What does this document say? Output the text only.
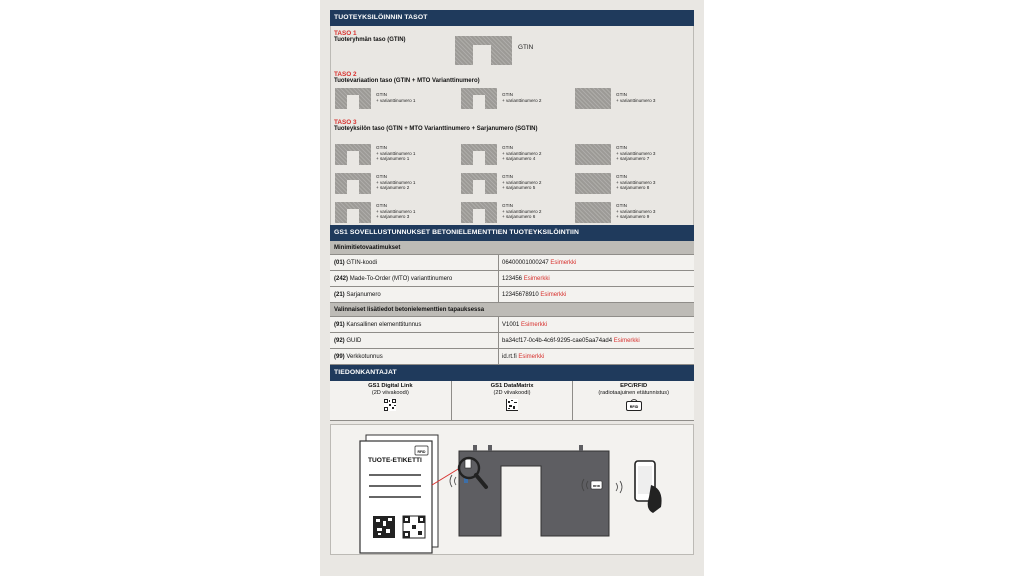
TUOTEYKSILÖINNIN TASOT
TASO 1
Tuoteryhmän taso (GTIN)
GTIN
TASO 2
Tuotevariaation taso (GTIN + MTO Varianttinumero)
GTIN
+ varianttinumero 1
GTIN
+ varianttinumero 2
GTIN
+ varianttinumero 3
TASO 3
Tuoteyksilön taso (GTIN + MTO Varianttinumero + Sarjanumero (SGTIN)
GTIN
+ varianttinumero 1
+ sarjanumero 1
GTIN
+ varianttinumero 2
+ sarjanumero 4
GTIN
+ varianttinumero 3
+ sarjanumero 7
GTIN
+ varianttinumero 1
+ sarjanumero 2
GTIN
+ varianttinumero 2
+ sarjanumero 5
GTIN
+ varianttinumero 3
+ sarjanumero 8
GTIN
+ varianttinumero 1
+ sarjanumero 3
GTIN
+ varianttinumero 2
+ sarjanumero 6
GTIN
+ varianttinumero 3
+ sarjanumero 9
GS1 SOVELLUSTUNNUKSET BETONIELEMENTTIEN TUOTEYKSILÖINTIIN
Minimitietovaatimukset
(01) GTIN-koodi	06400001000247 Esimerkki
(242) Made-To-Order (MTO) varianttinumero	123456 Esimerkki
(21) Sarjanumero	12345678910 Esimerkki
Valinnaiset lisätiedot betonielementtien tapauksessa
(91) Kansallinen elementtitunnus	V1001 Esimerkki
(92) GUID	ba34cf17-0c4b-4c6f-9295-cae05aa74ad4 Esimerkki
(99) Verkkotunnus	id.rt.fi Esimerkki
TIEDONKANTAJAT
GS1 Digital Link
(2D viivakoodi)
GS1 DataMatrix
(2D viivakoodi)
EPC/RFID
(radiotaajuinen etätunnistus)
RFID
TUOTE-ETIKETTI
RFID
RFID
